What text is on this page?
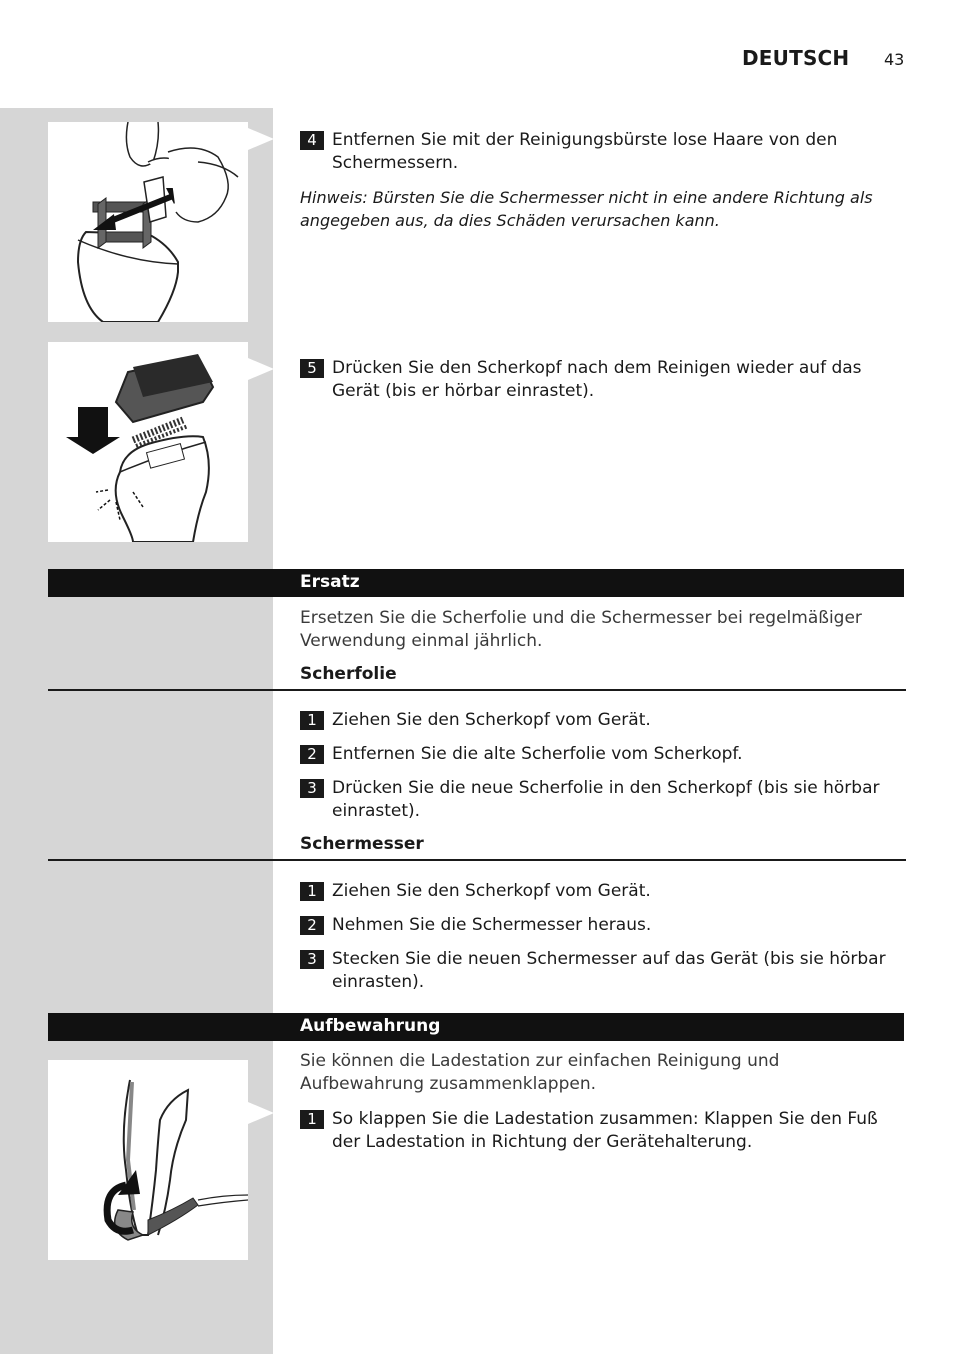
DEUTSCH 43
4 Entfernen Sie mit der Reinigungsbürste lose Haare von den Schermessern.
Hinweis: Bürsten Sie die Schermesser nicht in eine andere Richtung als angegeben aus, da dies Schäden verursachen kann.
5 Drücken Sie den Scherkopf nach dem Reinigen wieder auf das Gerät (bis er hörbar einrastet).
Ersatz
Ersetzen Sie die Scherfolie und die Schermesser bei regelmäßiger Verwendung einmal jährlich.
Scherfolie
1 Ziehen Sie den Scherkopf vom Gerät.
2 Entfernen Sie die alte Scherfolie vom Scherkopf.
3 Drücken Sie die neue Scherfolie in den Scherkopf (bis sie hörbar einrastet).
Schermesser
1 Ziehen Sie den Scherkopf vom Gerät.
2 Nehmen Sie die Schermesser heraus.
3 Stecken Sie die neuen Schermesser auf das Gerät (bis sie hörbar einrasten).
Aufbewahrung
Sie können die Ladestation zur einfachen Reinigung und Aufbewahrung zusammenklappen.
1 So klappen Sie die Ladestation zusammen: Klappen Sie den Fuß der Ladestation in Richtung der Gerätehalterung.
